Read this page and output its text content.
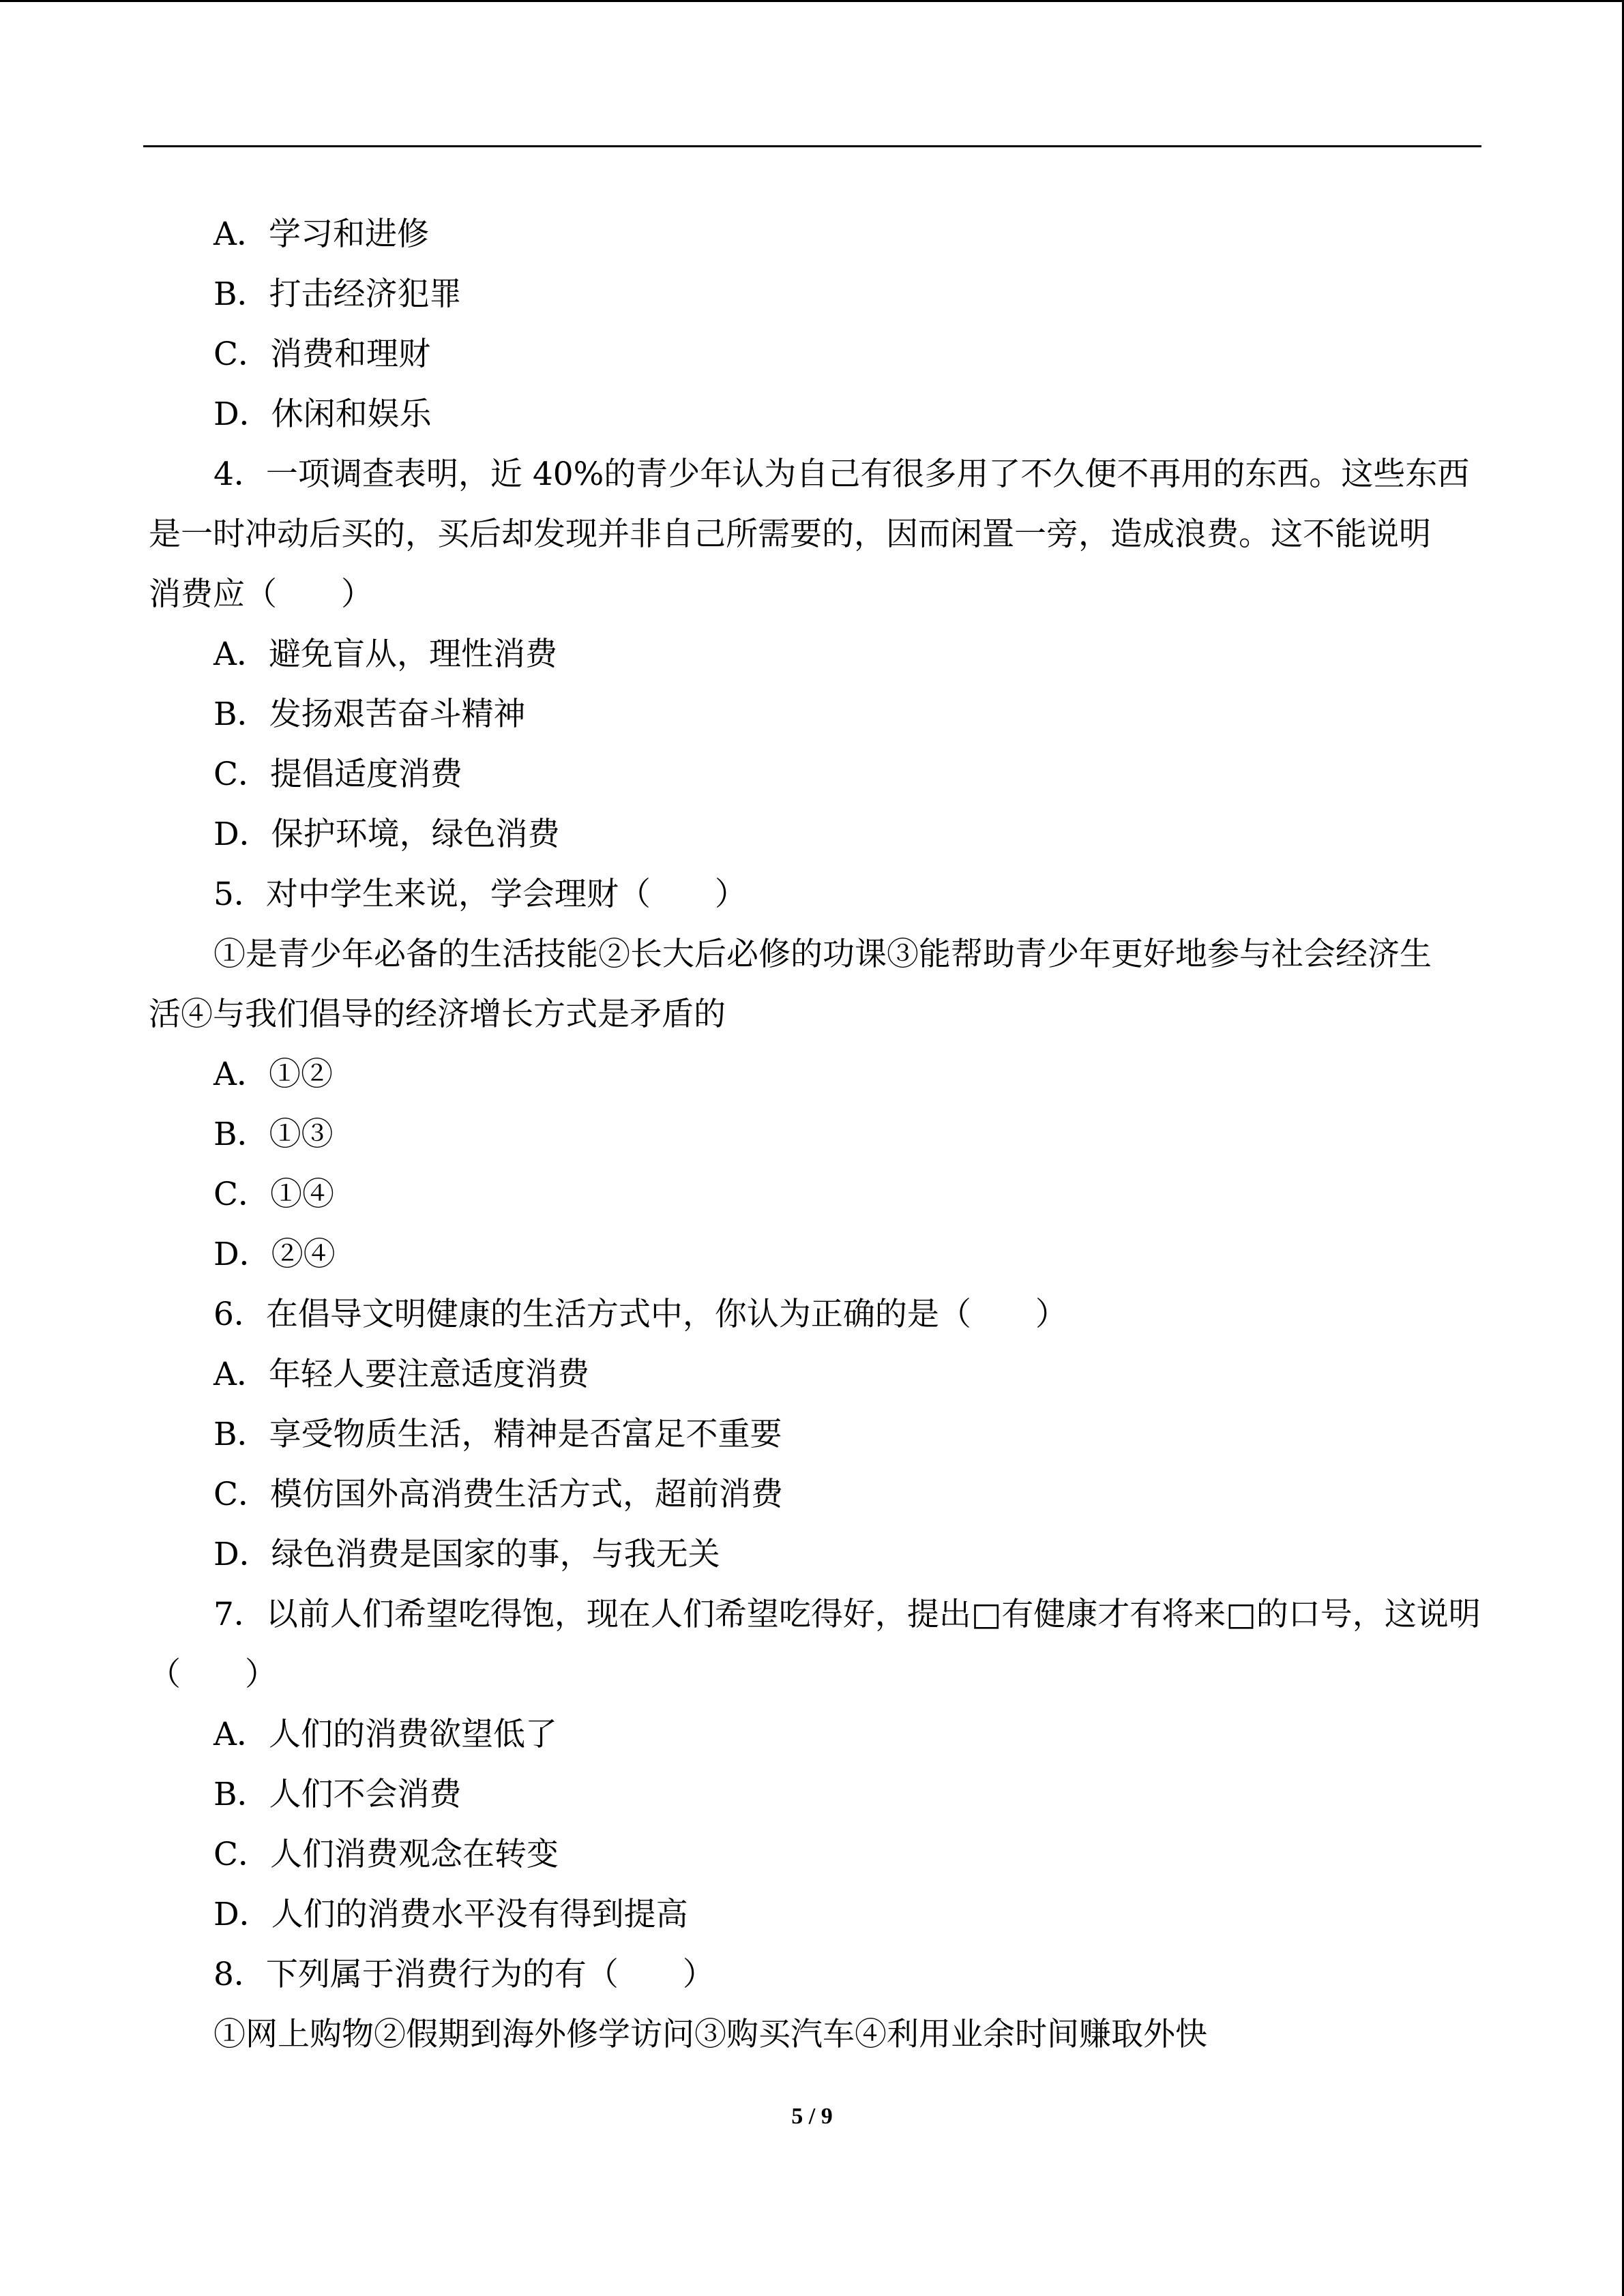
A．学习和进修
B．打击经济犯罪
C．消费和理财
D．休闲和娱乐
4．一项调查表明，近 40%的青少年认为自己有很多用了不久便不再用的东西。这些东西
是一时冲动后买的，买后却发现并非自己所需要的，因而闲置一旁，造成浪费。这不能说明
消费应（　　）
A．避免盲从，理性消费
B．发扬艰苦奋斗精神
C．提倡适度消费
D．保护环境，绿色消费
5．对中学生来说，学会理财（　　）
①是青少年必备的生活技能②长大后必修的功课③能帮助青少年更好地参与社会经济生
活④与我们倡导的经济增长方式是矛盾的
A．①②
B．①③
C．①④
D．②④
6．在倡导文明健康的生活方式中，你认为正确的是（　　）
A．年轻人要注意适度消费
B．享受物质生活，精神是否富足不重要
C．模仿国外高消费生活方式，超前消费
D．绿色消费是国家的事，与我无关
7．以前人们希望吃得饱，现在人们希望吃得好，提出□有健康才有将来□的口号，这说明
（　　）
A．人们的消费欲望低了
B．人们不会消费
C．人们消费观念在转变
D．人们的消费水平没有得到提高
8．下列属于消费行为的有（　　）
①网上购物②假期到海外修学访问③购买汽车④利用业余时间赚取外快
5 / 9
